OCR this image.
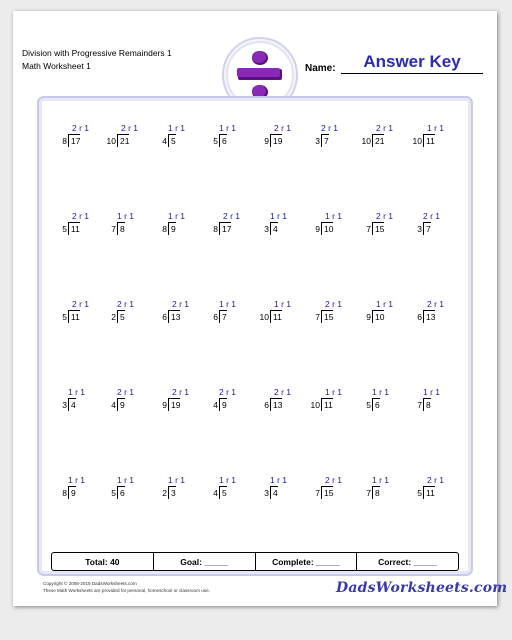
Division with Progressive Remainders 1
Math Worksheet 1	Name:	Answer Key
2 r 1
8 17
2 r 1
10 21
1 r 1
4 5
1 r 1
5 6
2 r 1
9 19
2 r 1
3 7
2 r 1
10 21
1 r 1
10 11
2 r 1
5 11
1 r 1
7 8
1 r 1
8 9
2 r 1
8 17
1 r 1
3 4
1 r 1
9 10
2 r 1
7 15
2 r 1
3 7
2 r 1
5 11
2 r 1
2 5
2 r 1
6 13
1 r 1
6 7
1 r 1
10 11
2 r 1
7 15
1 r 1
9 10
2 r 1
6 13
1 r 1
3 4
2 r 1
4 9
2 r 1
9 19
2 r 1
4 9
2 r 1
6 13
1 r 1
10 11
1 r 1
5 6
1 r 1
7 8
1 r 1
8 9
1 r 1
5 6
1 r 1
2 3
1 r 1
4 5
1 r 1
3 4
2 r 1
7 15
1 r 1
7 8
2 r 1
5 11
Total: 40	Goal: _____	Complete: _____	Correct: _____
Copyright © 2008-2019 DadsWorksheets.com
These Math Worksheets are provided for personal, homeschool or classroom use.	DadsWorksheets.com
